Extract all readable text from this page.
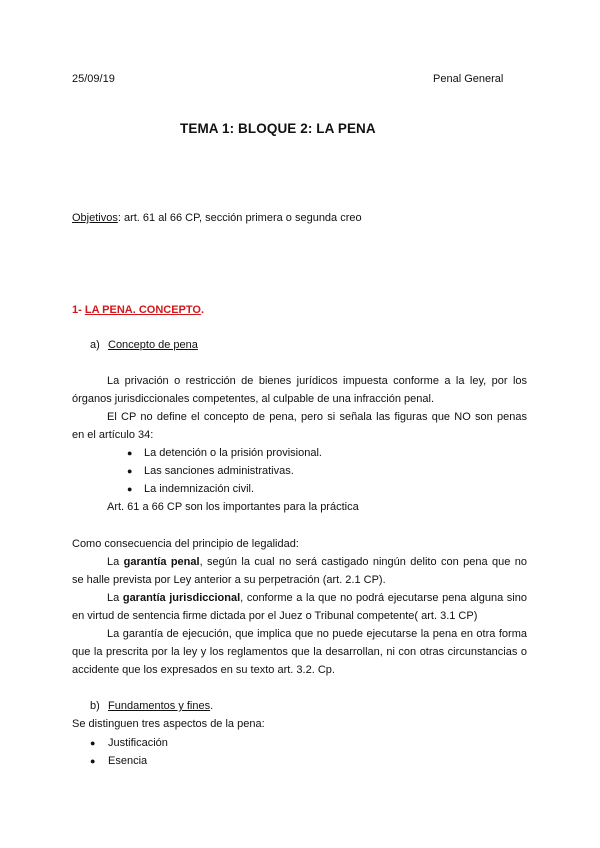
25/09/19	Penal General
TEMA 1: BLOQUE 2: LA PENA
Objetivos: art. 61 al 66 CP, sección primera o segunda creo
1- LA PENA. CONCEPTO.
a) Concepto de pena
La privación o restricción de bienes jurídicos impuesta conforme a la ley, por los
órganos jurisdiccionales competentes, al culpable de una infracción penal.
El CP no define el concepto de pena, pero si señala las figuras que NO son penas
en el artículo 34:
● La detención o la prisión provisional.
● Las sanciones administrativas.
● La indemnización civil.
Art. 61 a 66 CP son los importantes para la práctica
Como consecuencia del principio de legalidad:
La garantía penal, según la cual no será castigado ningún delito con pena que no
se halle prevista por Ley anterior a su perpetración (art. 2.1 CP).
La garantía jurisdiccional, conforme a la que no podrá ejecutarse pena alguna sino
en virtud de sentencia firme dictada por el Juez o Tribunal competente( art. 3.1 CP)
La garantía de ejecución, que implica que no puede ejecutarse la pena en otra forma
que la prescrita por la ley y los reglamentos que la desarrollan, ni con otras circunstancias o
accidente que los expresados en su texto art. 3.2. Cp.
b) Fundamentos y fines.
Se distinguen tres aspectos de la pena:
● Justificación
● Esencia
